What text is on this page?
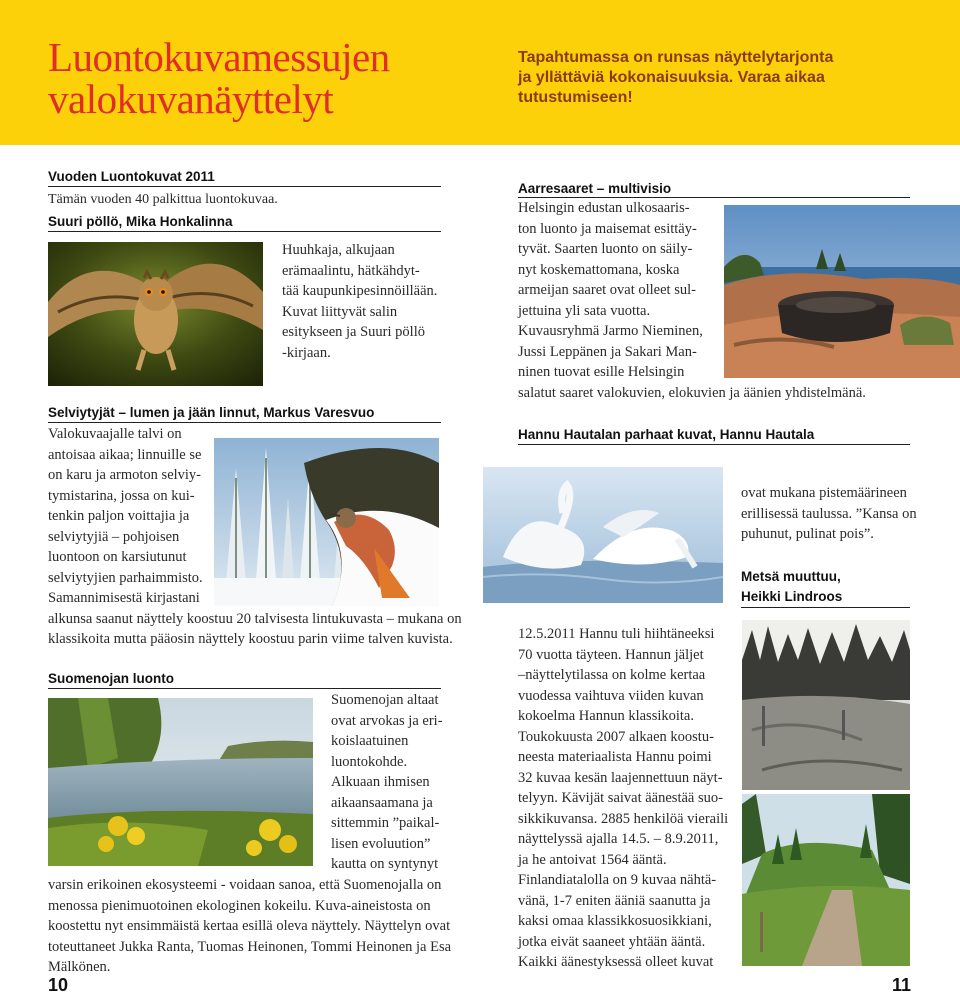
Luontokuvamessujen
valokuvanäyttelyt
Tapahtumassa on runsas näyttelytarjonta
ja yllättäviä kokonaisuuksia. Varaa aikaa
tutustumiseen!
Vuoden Luontokuvat 2011
Tämän vuoden 40 palkittua luontokuvaa.
Suuri pöllö, Mika Honkalinna
Huuhkaja, alkujaan
erämaalintu, hätkähdyt-
tää kaupunkipesinnöillään.
Kuvat liittyvät salin
esitykseen ja Suuri pöllö
-kirjaan.
Selviytyjät – lumen ja jään linnut, Markus Varesvuo
Valokuvaajalle talvi on
antoisaa aikaa; linnuille se
on karu ja armoton selviy-
tymistarina, jossa on kui-
tenkin paljon voittajia ja
selviytyjiä – pohjoisen
luontoon on karsiutunut
selviytyjien parhaimmisto.
Samannimisestä kirjastani
alkunsa saanut näyttely koostuu 20 talvisesta lintukuvasta – mukana on
klassikoita mutta pääosin näyttely koostuu parin viime talven kuvista.
Suomenojan luonto
Suomenojan altaat
ovat arvokas ja eri-
koislaatuinen
luontokohde.
Alkuaan ihmisen
aikaansaamana ja
sittemmin ”paikal-
lisen evoluution”
kautta on syntynyt
varsin erikoinen ekosysteemi - voidaan sanoa, että Suomenojalla on
menossa pienimuotoinen ekologinen kokeilu. Kuva-aineistosta on
koostettu nyt ensimmäistä kertaa esillä oleva näyttely. Näyttelyn ovat
toteuttaneet Jukka Ranta, Tuomas Heinonen, Tommi Heinonen ja Esa
Mälkönen.
10
Aarresaaret – multivisio
Helsingin edustan ulkosaaris-
ton luonto ja maisemat esittäy-
tyvät. Saarten luonto on säily-
nyt koskemattomana, koska
armeijan saaret ovat olleet sul-
jettuina yli sata vuotta.
Kuvausryhmä Jarmo Nieminen,
Jussi Leppänen ja Sakari Man-
ninen tuovat esille Helsingin
salatut saaret valokuvien, elokuvien ja äänien yhdistelmänä.
Hannu Hautalan parhaat kuvat, Hannu Hautala
ovat mukana pistemäärineen
erillisessä taulussa. ”Kansa on
puhunut, pulinat pois”.
Metsä muuttuu,
Heikki Lindroos
12.5.2011 Hannu tuli hiihtäneeksi
70 vuotta täyteen. Hannun jäljet
–näyttelytilassa on kolme kertaa
vuodessa vaihtuva viiden kuvan
kokoelma Hannun klassikoita.
Toukokuusta 2007 alkaen koostu-
neesta materiaalista Hannu poimi
32 kuvaa kesän laajennettuun näyt-
telyyn. Kävijät saivat äänestää suo-
sikkikuvansa. 2885 henkilöä vieraili
näyttelyssä ajalla 14.5. – 8.9.2011,
ja he antoivat 1564 ääntä.
Finlandiatalolla on 9 kuvaa nähtä-
vänä, 1-7 eniten ääniä saanutta ja
kaksi omaa klassikkosuosikkiani,
jotka eivät saaneet yhtään ääntä.
Kaikki äänestyksessä olleet kuvat
11
